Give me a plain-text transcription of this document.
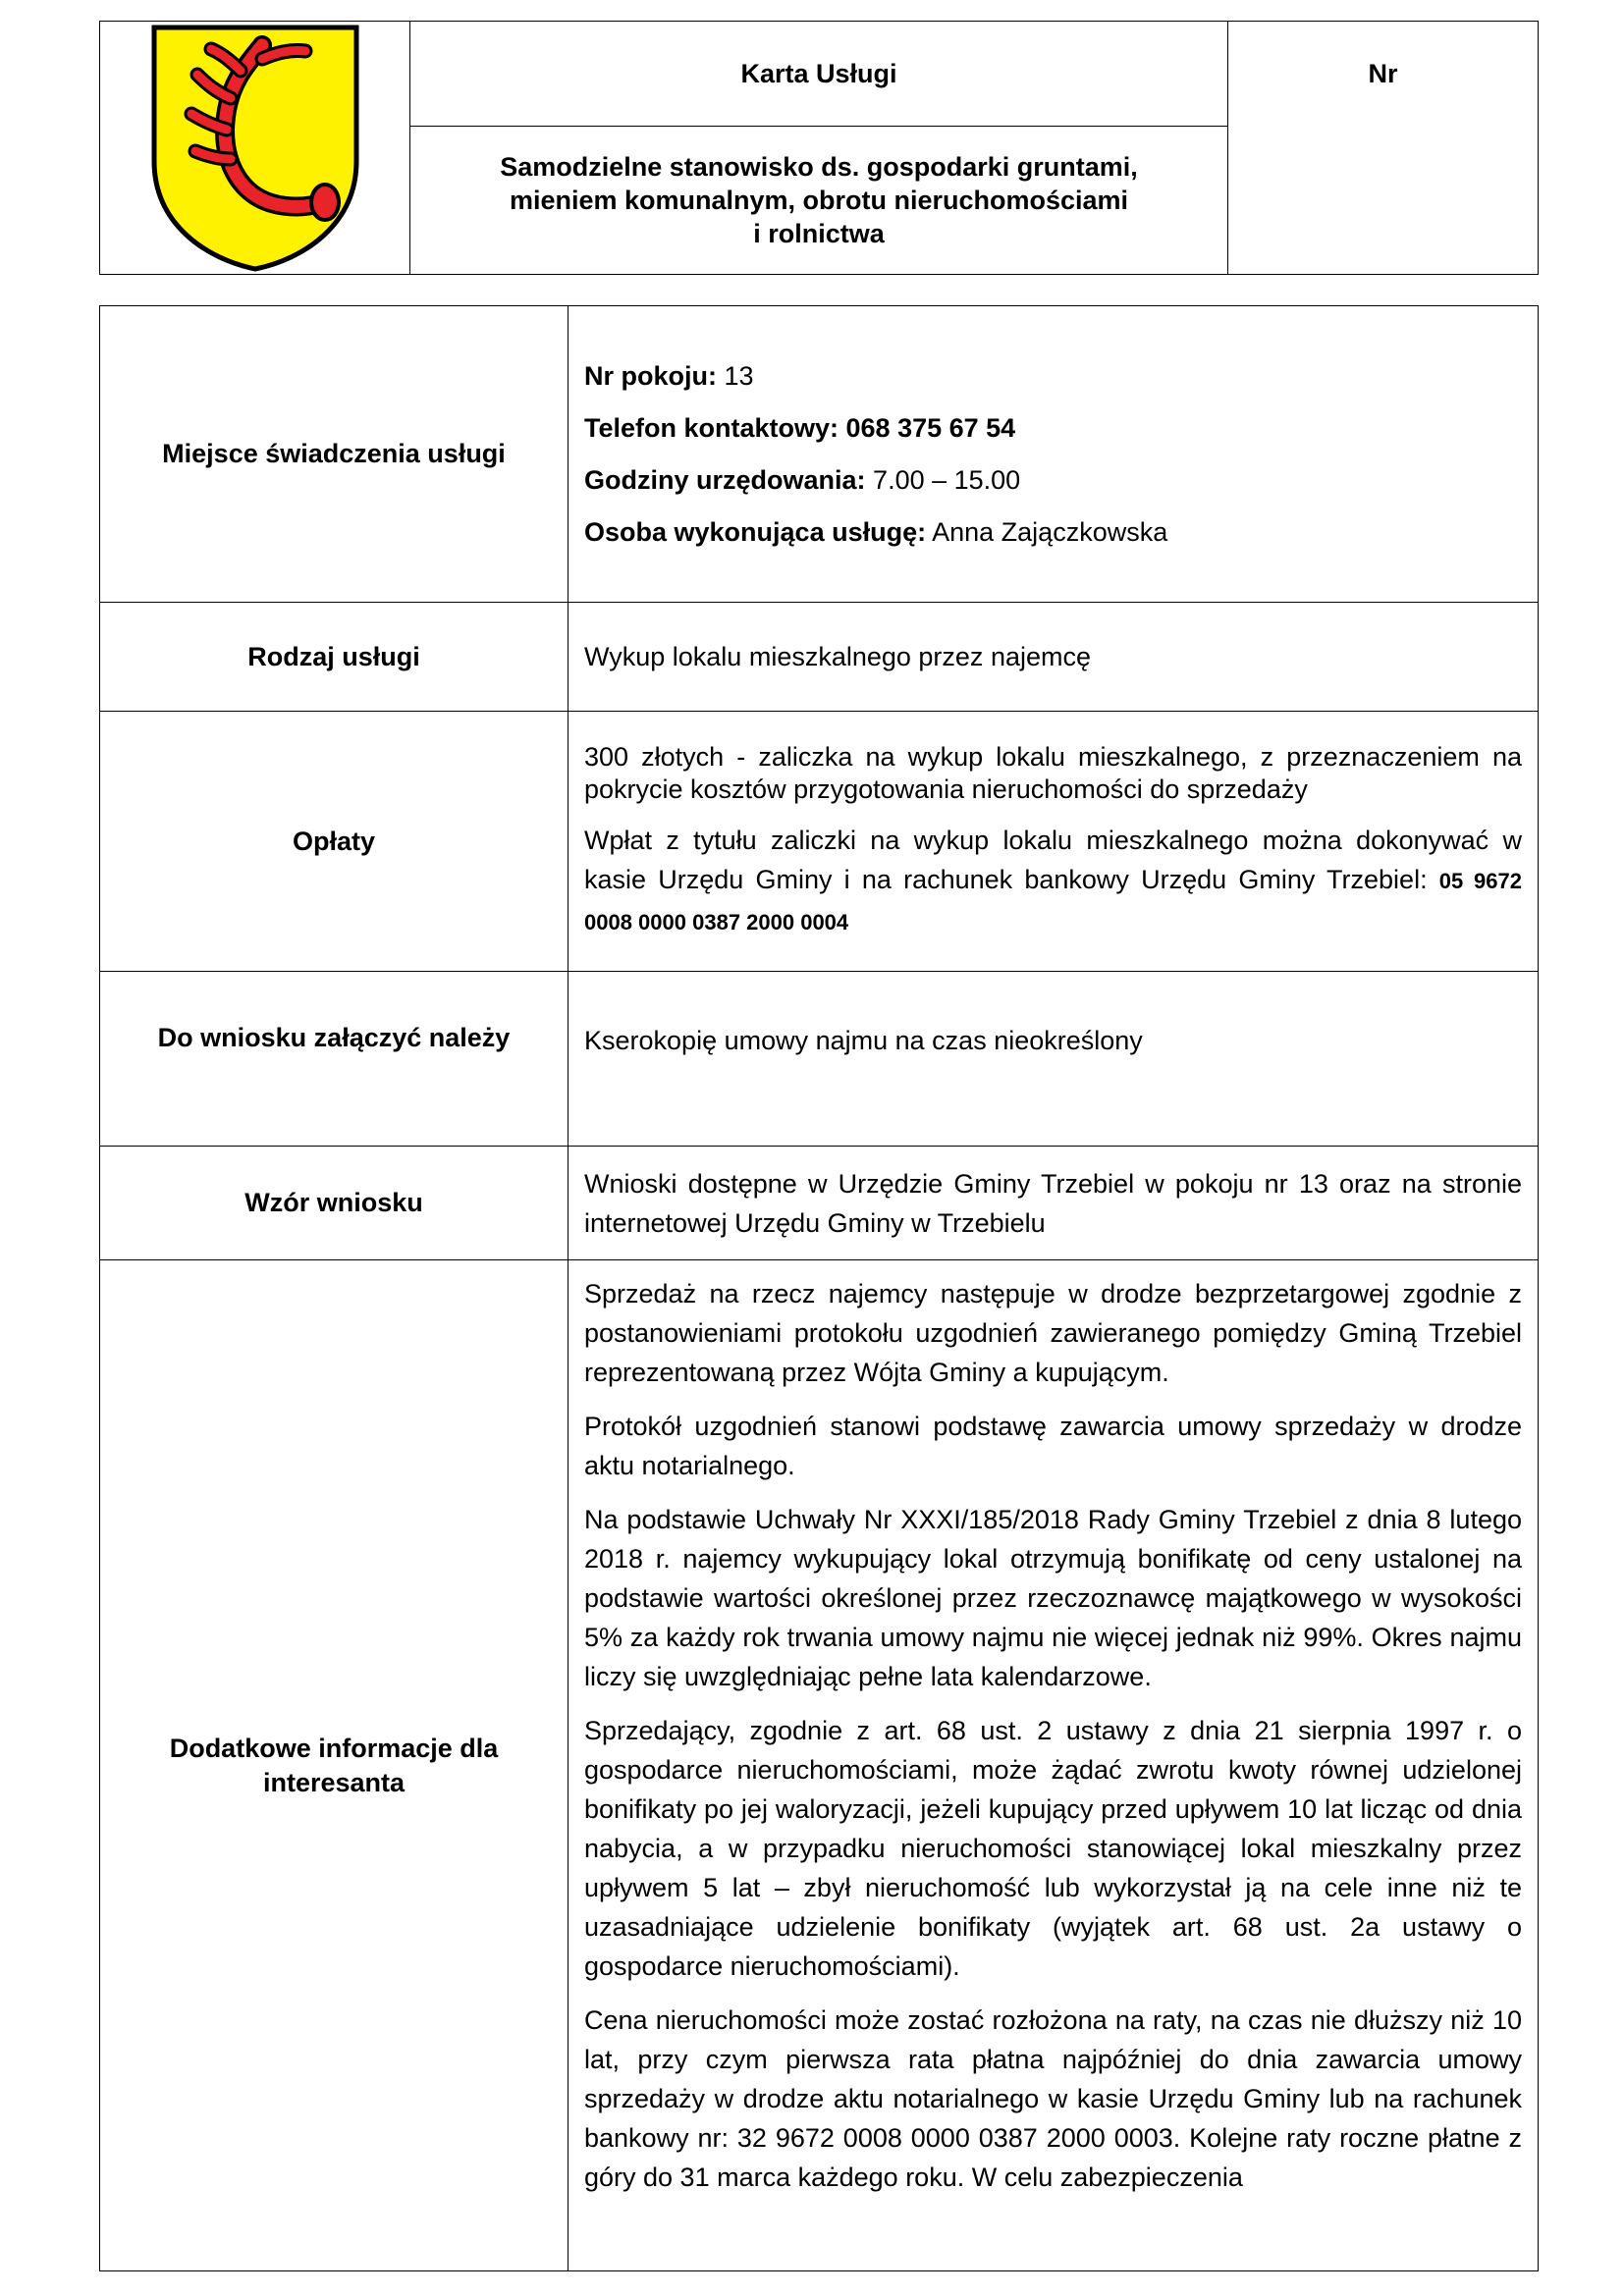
Karta Usługi
Samodzielne stanowisko ds. gospodarki gruntami,
mieniem komunalnym, obrotu nieruchomościami
i rolnictwa
Nr
Miejsce świadczenia usługi	Nr pokoju: 13

Telefon kontaktowy: 068 375 67 54

Godziny urzędowania: 7.00 – 15.00

Osoba wykonująca usługę: Anna Zajączkowska

Rodzaj usługi	Wykup lokalu mieszkalnego przez najemcę
Opłaty	300 złotych - zaliczka na wykup lokalu mieszkalnego, z przeznaczeniem na pokrycie kosztów przygotowania nieruchomości do sprzedaży

Wpłat z tytułu zaliczki na wykup lokalu mieszkalnego można dokonywać w kasie Urzędu Gminy i na rachunek bankowy Urzędu Gminy Trzebiel: 05 9672 0008 0000 0387 2000 0004

Do wniosku załączyć należy	Kserokopię umowy najmu na czas nieokreślony
Wzór wniosku	Wnioski dostępne w Urzędzie Gminy Trzebiel w pokoju nr 13 oraz na stronie internetowej Urzędu Gminy w Trzebielu
Dodatkowe informacje dla interesanta	Sprzedaż na rzecz najemcy następuje w drodze bezprzetargowej zgodnie z postanowieniami protokołu uzgodnień zawieranego pomiędzy Gminą Trzebiel reprezentowaną przez Wójta Gminy a kupującym.

Protokół uzgodnień stanowi podstawę zawarcia umowy sprzedaży w drodze aktu notarialnego.

Na podstawie Uchwały Nr XXXI/185/2018 Rady Gminy Trzebiel z dnia 8 lutego 2018 r. najemcy wykupujący lokal otrzymują bonifikatę od ceny ustalonej na podstawie wartości określonej przez rzeczoznawcę majątkowego w wysokości 5% za każdy rok trwania umowy najmu nie więcej jednak niż 99%. Okres najmu liczy się uwzględniając pełne lata kalendarzowe.

Sprzedający, zgodnie z art. 68 ust. 2 ustawy z dnia 21 sierpnia 1997 r. o gospodarce nieruchomościami, może żądać zwrotu kwoty równej udzielonej bonifikaty po jej waloryzacji, jeżeli kupujący przed upływem 10 lat licząc od dnia nabycia, a w przypadku nieruchomości stanowiącej lokal mieszkalny przez upływem 5 lat – zbył nieruchomość lub wykorzystał ją na cele inne niż te uzasadniające udzielenie bonifikaty (wyjątek art. 68 ust. 2a ustawy o gospodarce nieruchomościami).

Cena nieruchomości może zostać rozłożona na raty, na czas nie dłuższy niż 10 lat, przy czym pierwsza rata płatna najpóźniej do dnia zawarcia umowy sprzedaży w drodze aktu notarialnego w kasie Urzędu Gminy lub na rachunek bankowy nr: 32 9672 0008 0000 0387 2000 0003. Kolejne raty roczne płatne z góry do 31 marca każdego roku. W celu zabezpieczenia
